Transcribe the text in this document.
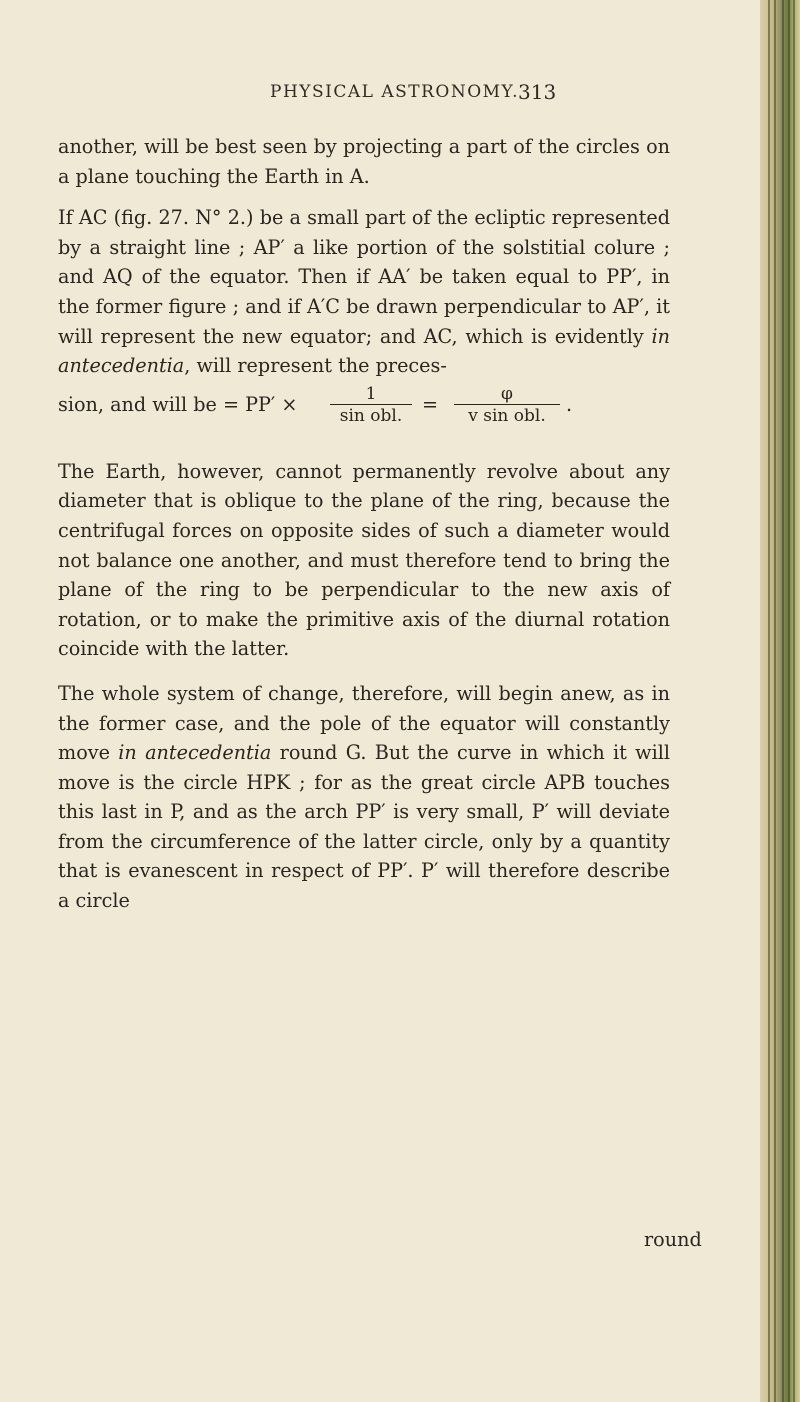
PHYSICAL ASTRONOMY. 313

another, will be best seen by projecting a part of the circles on a plane touching the Earth in A.

If AC (fig. 27. N° 2.) be a small part of the ecliptic represented by a straight line ; AP′ a like portion of the solstitial colure ; and AQ of the equator. Then if AA′ be taken equal to PP′, in the former figure ; and if A′C be drawn perpendicular to AP′, it will represent the new equator; and AC, which is evidently in antecedentia, will represent the preces-

sion, and will be = PP′ ×	1
sin obl.	=	φ
v sin obl.	.

The Earth, however, cannot permanently revolve about any diameter that is oblique to the plane of the ring, because the centrifugal forces on opposite sides of such a diameter would not balance one another, and must therefore tend to bring the plane of the ring to be perpendicular to the new axis of rotation, or to make the primitive axis of the diurnal rotation coincide with the latter.

The whole system of change, therefore, will begin anew, as in the former case, and the pole of the equator will constantly move in antecedentia round G. But the curve in which it will move is the circle HPK ; for as the great circle APB touches this last in P, and as the arch PP′ is very small, P′ will deviate from the circumference of the latter circle, only by a quantity that is evanescent in respect of PP′. P′ will therefore describe a circle

round
